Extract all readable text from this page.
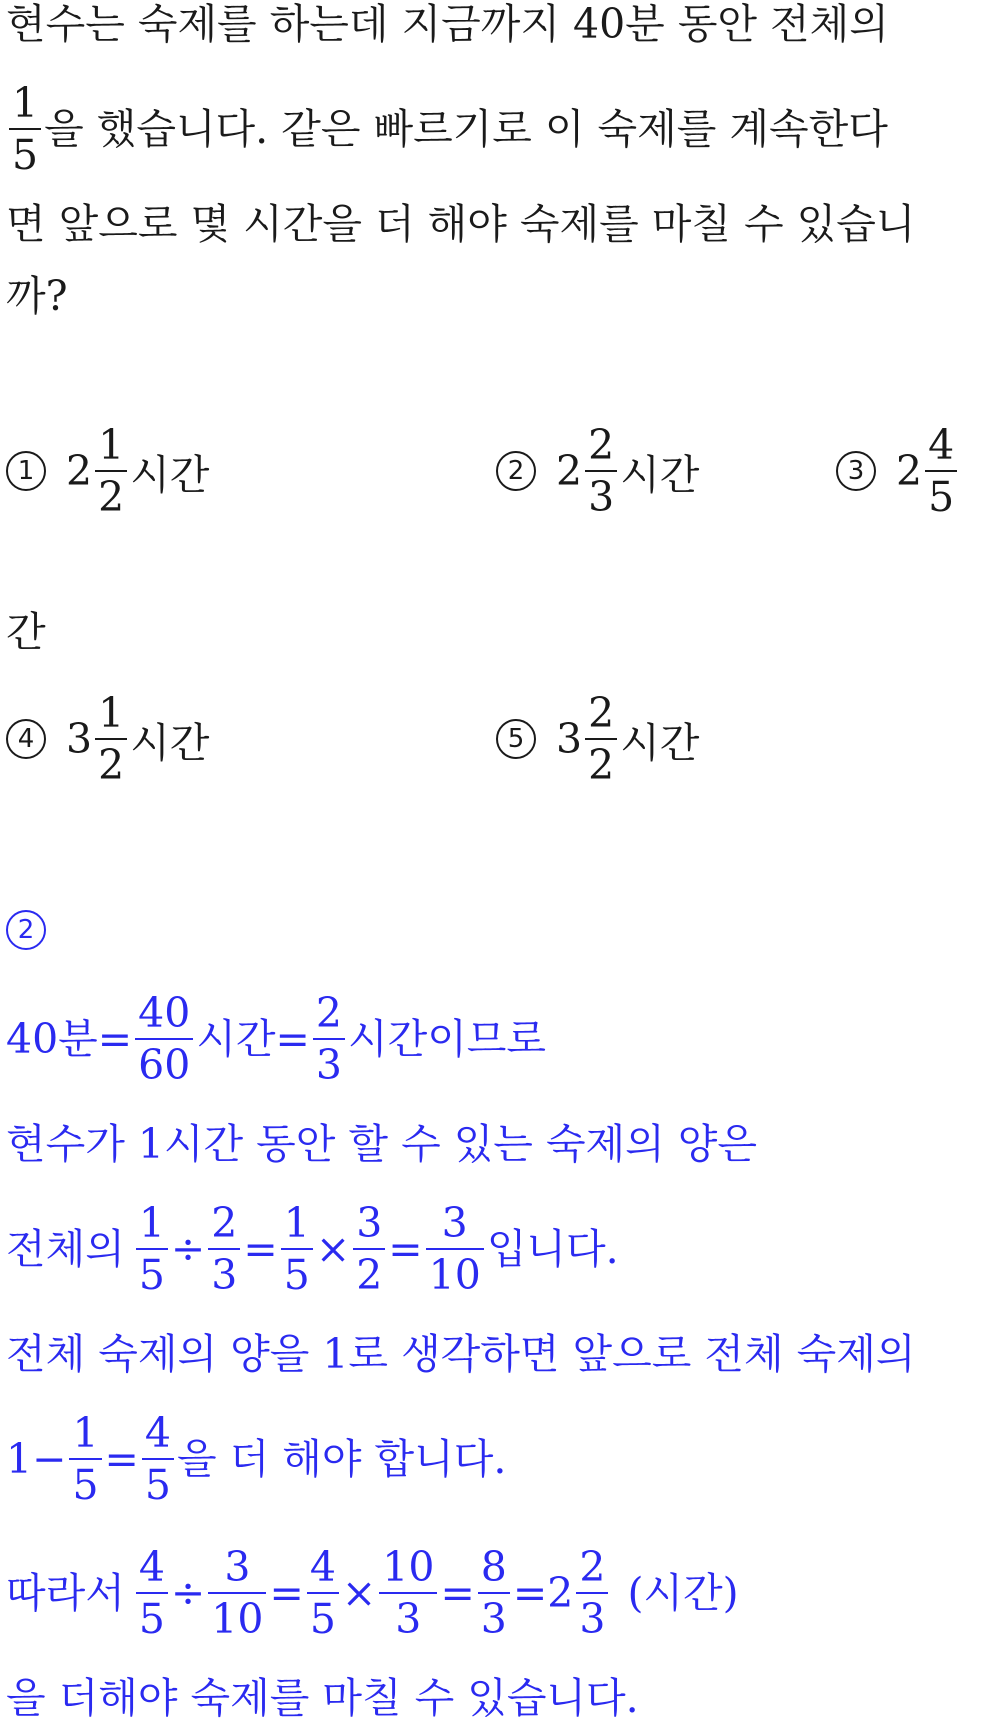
현수는 숙제를 하는데 지금까지 40분 동안 전체의
$\frac{1}{5}$ 을 했습니다. 같은 빠르기로 이 숙제를 계속한다
면 앞으로 몇 시간을 더 해야 숙제를 마칠 수 있습니
까?
1 $2 \frac{1}{2}$ 시간	2 $2 \frac{2}{3}$ 시간	3 $2 \frac{4}{5}$
간
4 $3 \frac{1}{2}$ 시간	5 $3 \frac{2}{2}$ 시간
2
40분= $\frac{40}{60}$ 시간= $\frac{2}{3}$ 시간이므로
현수가 1시간 동안 할 수 있는 숙제의 양은
전체의 $\frac{1}{5} \div \frac{2}{3} = \frac{1}{5} \times \frac{3}{2} = \frac{3}{10}$ 입니다.
전체 숙제의 양을 1로 생각하면 앞으로 전체 숙제의
$1- \frac{1}{5} = \frac{4}{5}$ 을 더 해야 합니다.
따라서 $\frac{4}{5} \div \frac{3}{10} = \frac{4}{5} \times \frac{10}{3} = \frac{8}{3} =2 \frac{2}{3}$ (시간)
을 더해야 숙제를 마칠 수 있습니다.
